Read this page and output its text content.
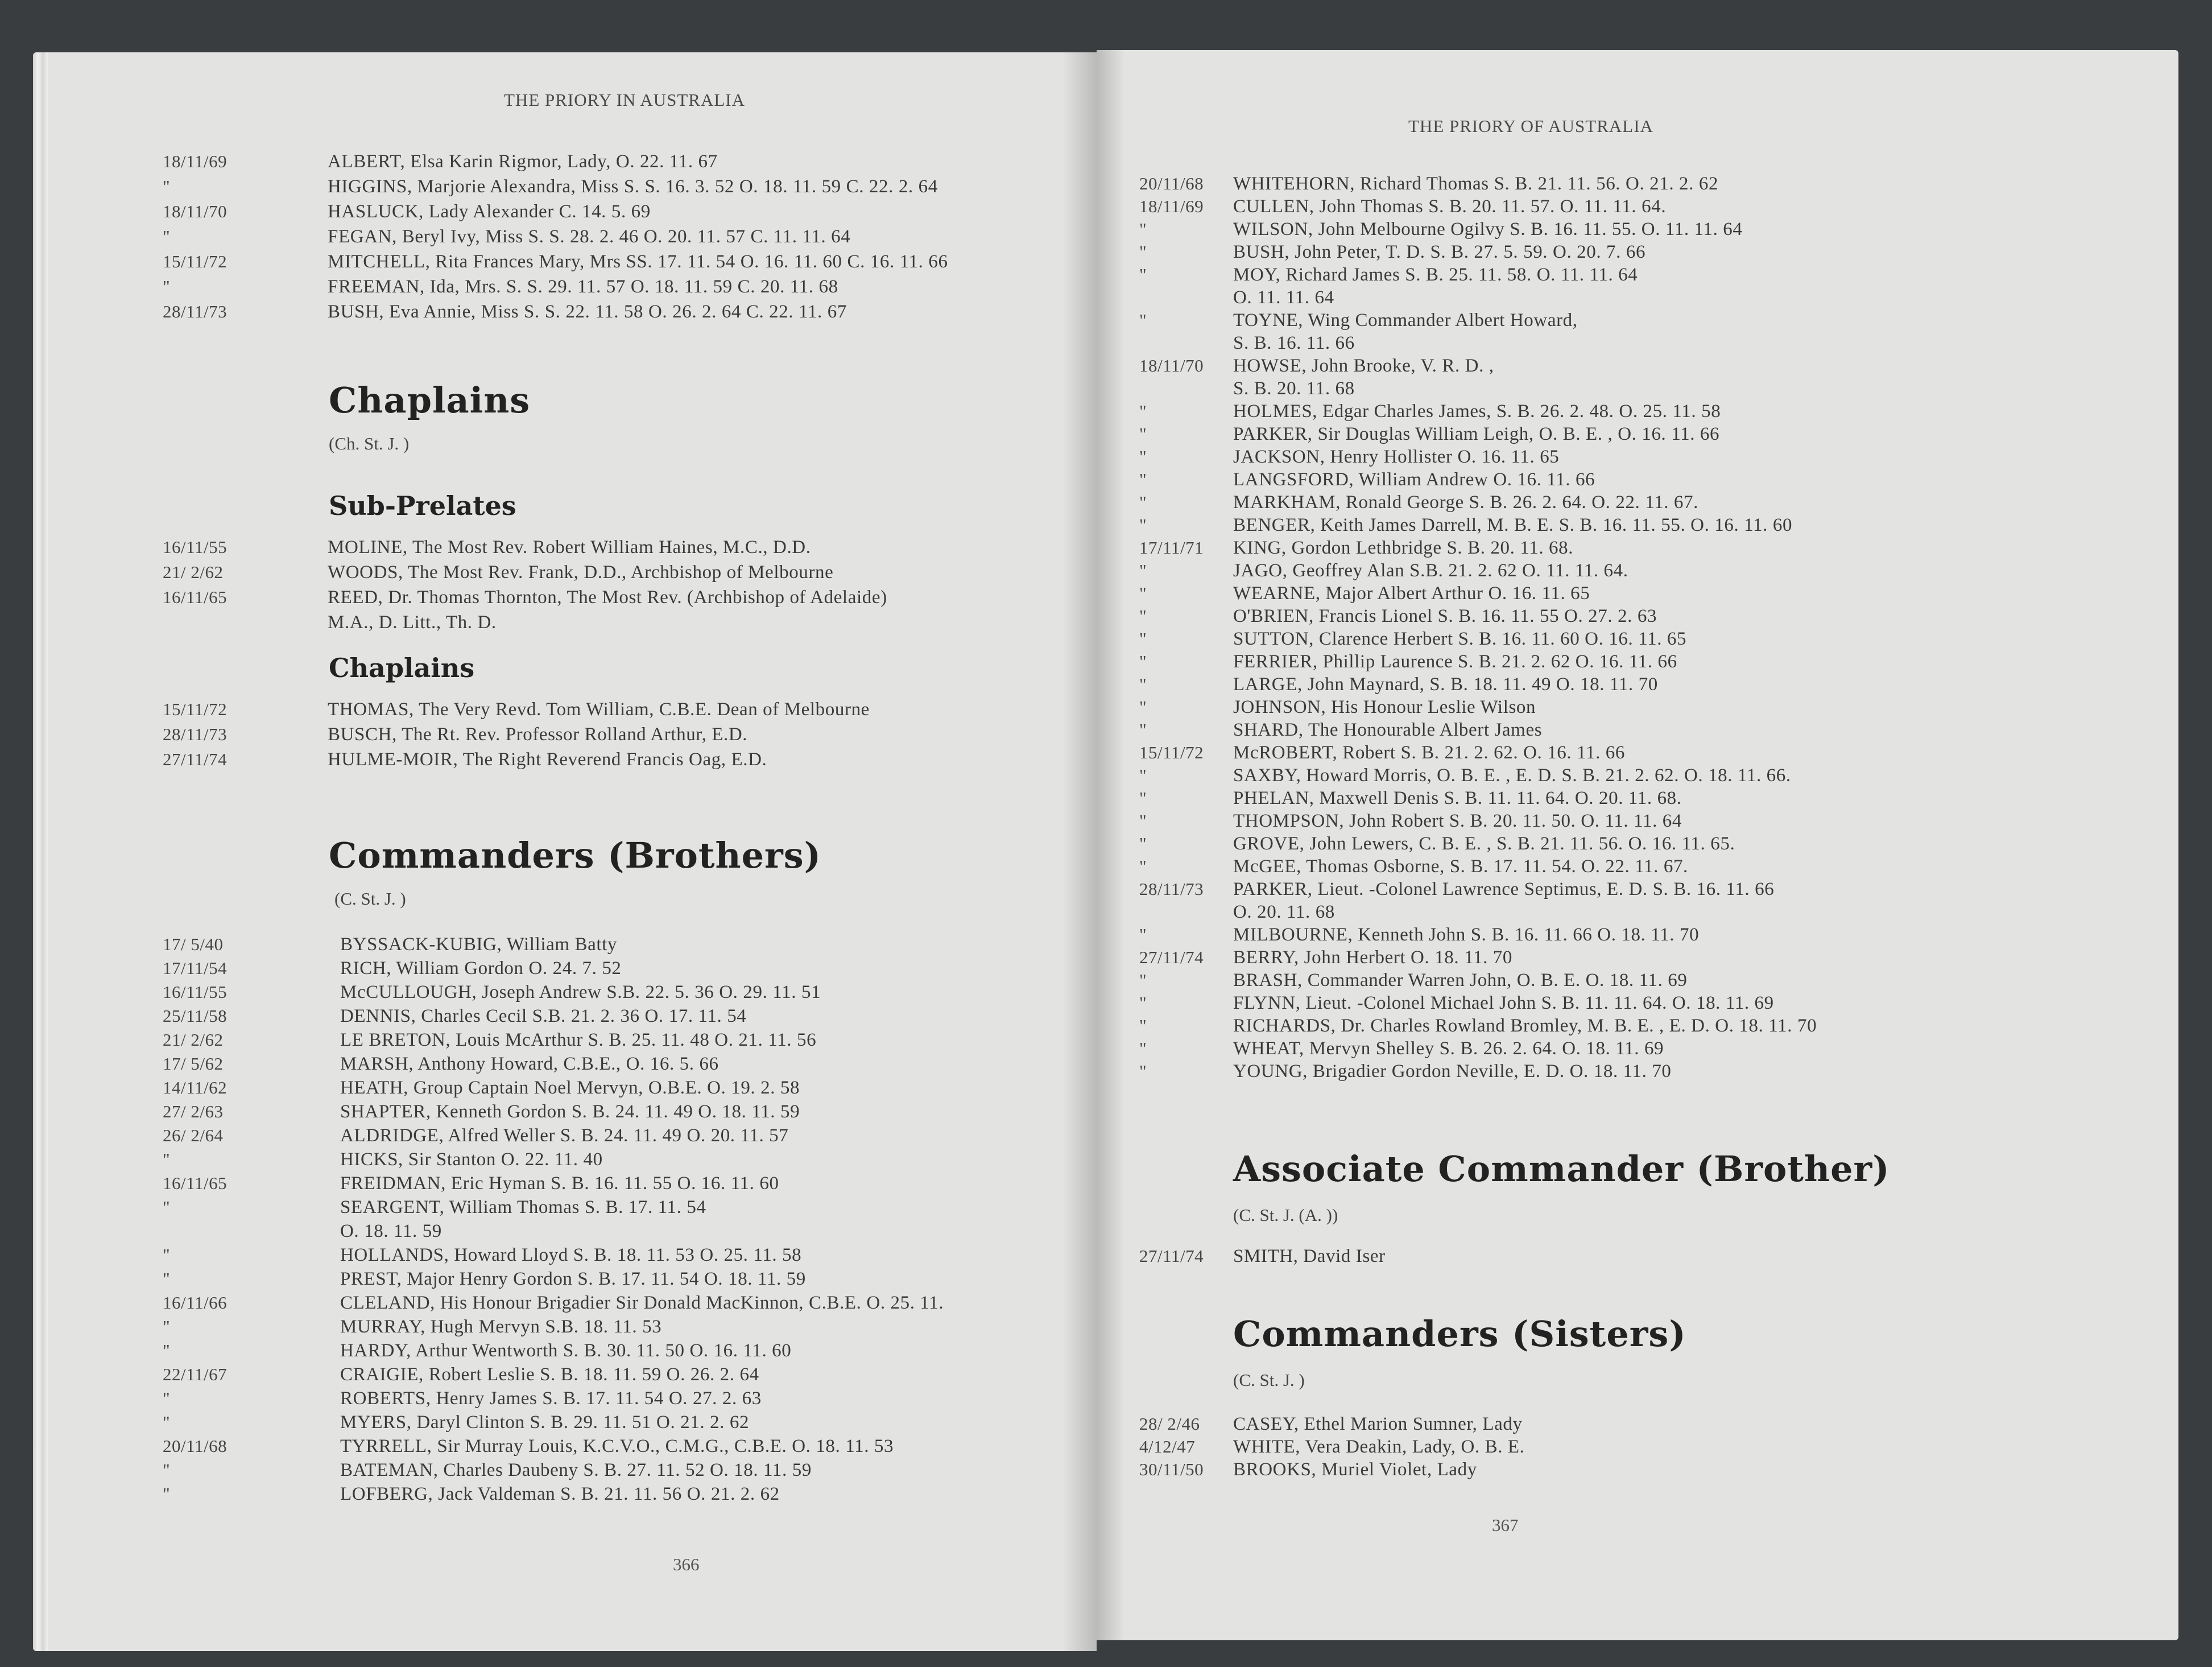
THE PRIORY IN AUSTRALIA
18/11/69	ALBERT, Elsa Karin Rigmor, Lady, O. 22. 11. 67
"	HIGGINS, Marjorie Alexandra, Miss S. S. 16. 3. 52 O. 18. 11. 59 C. 22. 2. 64
18/11/70	HASLUCK, Lady Alexander C. 14. 5. 69
"	FEGAN, Beryl Ivy, Miss S. S. 28. 2. 46 O. 20. 11. 57 C. 11. 11. 64
15/11/72	MITCHELL, Rita Frances Mary, Mrs SS. 17. 11. 54 O. 16. 11. 60 C. 16. 11. 66
"	FREEMAN, Ida, Mrs. S. S. 29. 11. 57 O. 18. 11. 59 C. 20. 11. 68
28/11/73	BUSH, Eva Annie, Miss S. S. 22. 11. 58 O. 26. 2. 64 C. 22. 11. 67
Chaplains
(Ch. St. J. )
Sub-Prelates
16/11/55	MOLINE, The Most Rev. Robert William Haines, M.C., D.D.
21/ 2/62	WOODS, The Most Rev. Frank, D.D., Archbishop of Melbourne
16/11/65	REED, Dr. Thomas Thornton, The Most Rev. (Archbishop of Adelaide)
M.A., D. Litt., Th. D.
Chaplains
15/11/72	THOMAS, The Very Revd. Tom William, C.B.E. Dean of Melbourne
28/11/73	BUSCH, The Rt. Rev. Professor Rolland Arthur, E.D.
27/11/74	HULME-MOIR, The Right Reverend Francis Oag, E.D.
Commanders (Brothers)
(C. St. J. )
17/ 5/40	BYSSACK-KUBIG, William Batty
17/11/54	RICH, William Gordon O. 24. 7. 52
16/11/55	McCULLOUGH, Joseph Andrew S.B. 22. 5. 36 O. 29. 11. 51
25/11/58	DENNIS, Charles Cecil S.B. 21. 2. 36 O. 17. 11. 54
21/ 2/62	LE BRETON, Louis McArthur S. B. 25. 11. 48 O. 21. 11. 56
17/ 5/62	MARSH, Anthony Howard, C.B.E., O. 16. 5. 66
14/11/62	HEATH, Group Captain Noel Mervyn, O.B.E. O. 19. 2. 58
27/ 2/63	SHAPTER, Kenneth Gordon S. B. 24. 11. 49 O. 18. 11. 59
26/ 2/64	ALDRIDGE, Alfred Weller S. B. 24. 11. 49 O. 20. 11. 57
"	HICKS, Sir Stanton O. 22. 11. 40
16/11/65	FREIDMAN, Eric Hyman S. B. 16. 11. 55 O. 16. 11. 60
"	SEARGENT, William Thomas S. B. 17. 11. 54
O. 18. 11. 59
"	HOLLANDS, Howard Lloyd S. B. 18. 11. 53 O. 25. 11. 58
"	PREST, Major Henry Gordon S. B. 17. 11. 54 O. 18. 11. 59
16/11/66	CLELAND, His Honour Brigadier Sir Donald MacKinnon, C.B.E. O. 25. 11.
"	MURRAY, Hugh Mervyn S.B. 18. 11. 53
"	HARDY, Arthur Wentworth S. B. 30. 11. 50 O. 16. 11. 60
22/11/67	CRAIGIE, Robert Leslie S. B. 18. 11. 59 O. 26. 2. 64
"	ROBERTS, Henry James S. B. 17. 11. 54 O. 27. 2. 63
"	MYERS, Daryl Clinton S. B. 29. 11. 51 O. 21. 2. 62
20/11/68	TYRRELL, Sir Murray Louis, K.C.V.O., C.M.G., C.B.E. O. 18. 11. 53
"	BATEMAN, Charles Daubeny S. B. 27. 11. 52 O. 18. 11. 59
"	LOFBERG, Jack Valdeman S. B. 21. 11. 56 O. 21. 2. 62
366
THE PRIORY OF AUSTRALIA
20/11/68 WHITEHORN, Richard Thomas S. B. 21. 11. 56. O. 21. 2. 62
18/11/69 CULLEN, John Thomas S. B. 20. 11. 57. O. 11. 11. 64.
"	WILSON, John Melbourne Ogilvy S. B. 16. 11. 55. O. 11. 11. 64
"	BUSH, John Peter, T. D. S. B. 27. 5. 59. O. 20. 7. 66
"	MOY, Richard James S. B. 25. 11. 58. O. 11. 11. 64
O. 11. 11. 64
"	TOYNE, Wing Commander Albert Howard,
S. B. 16. 11. 66
18/11/70 HOWSE, John Brooke, V. R. D. ,
S. B. 20. 11. 68
"	HOLMES, Edgar Charles James, S. B. 26. 2. 48. O. 25. 11. 58
"	PARKER, Sir Douglas William Leigh, O. B. E. , O. 16. 11. 66
"	JACKSON, Henry Hollister O. 16. 11. 65
"	LANGSFORD, William Andrew O. 16. 11. 66
"	MARKHAM, Ronald George S. B. 26. 2. 64. O. 22. 11. 67.
"	BENGER, Keith James Darrell, M. B. E. S. B. 16. 11. 55. O. 16. 11. 60
17/11/71 KING, Gordon Lethbridge S. B. 20. 11. 68.
"	JAGO, Geoffrey Alan S.B. 21. 2. 62 O. 11. 11. 64.
"	WEARNE, Major Albert Arthur O. 16. 11. 65
"	O'BRIEN, Francis Lionel S. B. 16. 11. 55 O. 27. 2. 63
"	SUTTON, Clarence Herbert S. B. 16. 11. 60 O. 16. 11. 65
"	FERRIER, Phillip Laurence S. B. 21. 2. 62 O. 16. 11. 66
"	LARGE, John Maynard, S. B. 18. 11. 49 O. 18. 11. 70
"	JOHNSON, His Honour Leslie Wilson
"	SHARD, The Honourable Albert James
15/11/72 McROBERT, Robert S. B. 21. 2. 62. O. 16. 11. 66
"	SAXBY, Howard Morris, O. B. E. , E. D. S. B. 21. 2. 62. O. 18. 11. 66.
"	PHELAN, Maxwell Denis S. B. 11. 11. 64. O. 20. 11. 68.
"	THOMPSON, John Robert S. B. 20. 11. 50. O. 11. 11. 64
"	GROVE, John Lewers, C. B. E. , S. B. 21. 11. 56. O. 16. 11. 65.
"	McGEE, Thomas Osborne, S. B. 17. 11. 54. O. 22. 11. 67.
28/11/73 PARKER, Lieut. -Colonel Lawrence Septimus, E. D. S. B. 16. 11. 66
O. 20. 11. 68
"	MILBOURNE, Kenneth John S. B. 16. 11. 66 O. 18. 11. 70
27/11/74 BERRY, John Herbert O. 18. 11. 70
"	BRASH, Commander Warren John, O. B. E. O. 18. 11. 69
"	FLYNN, Lieut. -Colonel Michael John S. B. 11. 11. 64. O. 18. 11. 69
"	RICHARDS, Dr. Charles Rowland Bromley, M. B. E. , E. D. O. 18. 11. 70
"	WHEAT, Mervyn Shelley S. B. 26. 2. 64. O. 18. 11. 69
"	YOUNG, Brigadier Gordon Neville, E. D. O. 18. 11. 70
Associate Commander (Brother)
(C. St. J. (A. ))
27/11/74 SMITH, David Iser
Commanders (Sisters)
(C. St. J. )
28/ 2/46 CASEY, Ethel Marion Sumner, Lady
4/12/47 WHITE, Vera Deakin, Lady, O. B. E.
30/11/50 BROOKS, Muriel Violet, Lady
367
